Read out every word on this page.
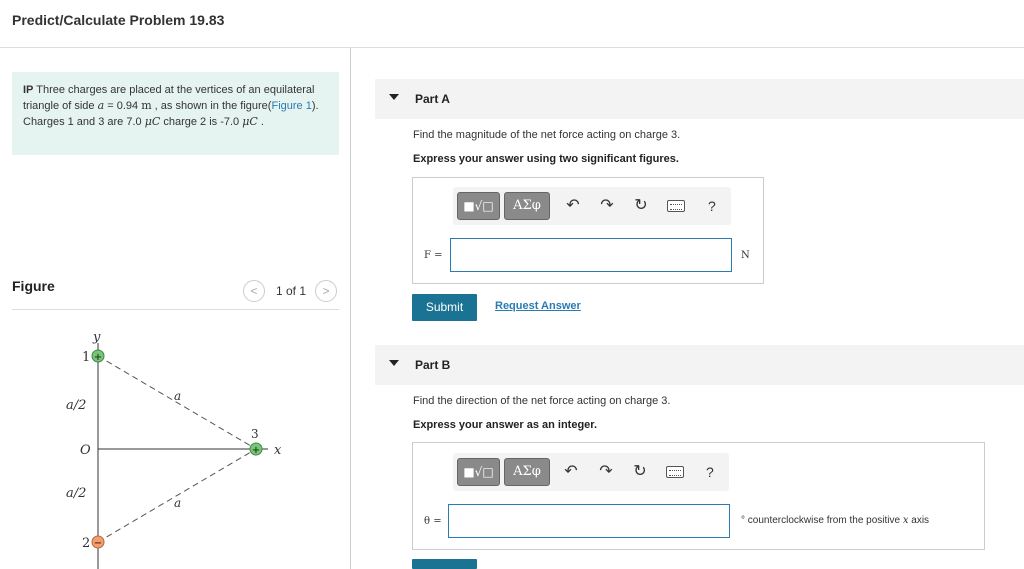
Predict/Calculate Problem 19.83
IP Three charges are placed at the vertices of an equilateral triangle of side a = 0.94 m , as shown in the figure(Figure 1). Charges 1 and 3 are 7.0 μC charge 2 is -7.0 μC .
Figure	<	1 of 1	>
y
x
1
2
3
a/2
a/2
O
a
a
+
−
+
Part A
Find the magnitude of the net force acting on charge 3.
Express your answer using two significant figures.
■√□	ΑΣφ	↶ ↷ ↻	?
F =	N
Submit	Request Answer
Part B
Find the direction of the net force acting on charge 3.
Express your answer as an integer.
■√□	ΑΣφ	↶ ↷ ↻	?
θ =	° counterclockwise from the positive x axis
